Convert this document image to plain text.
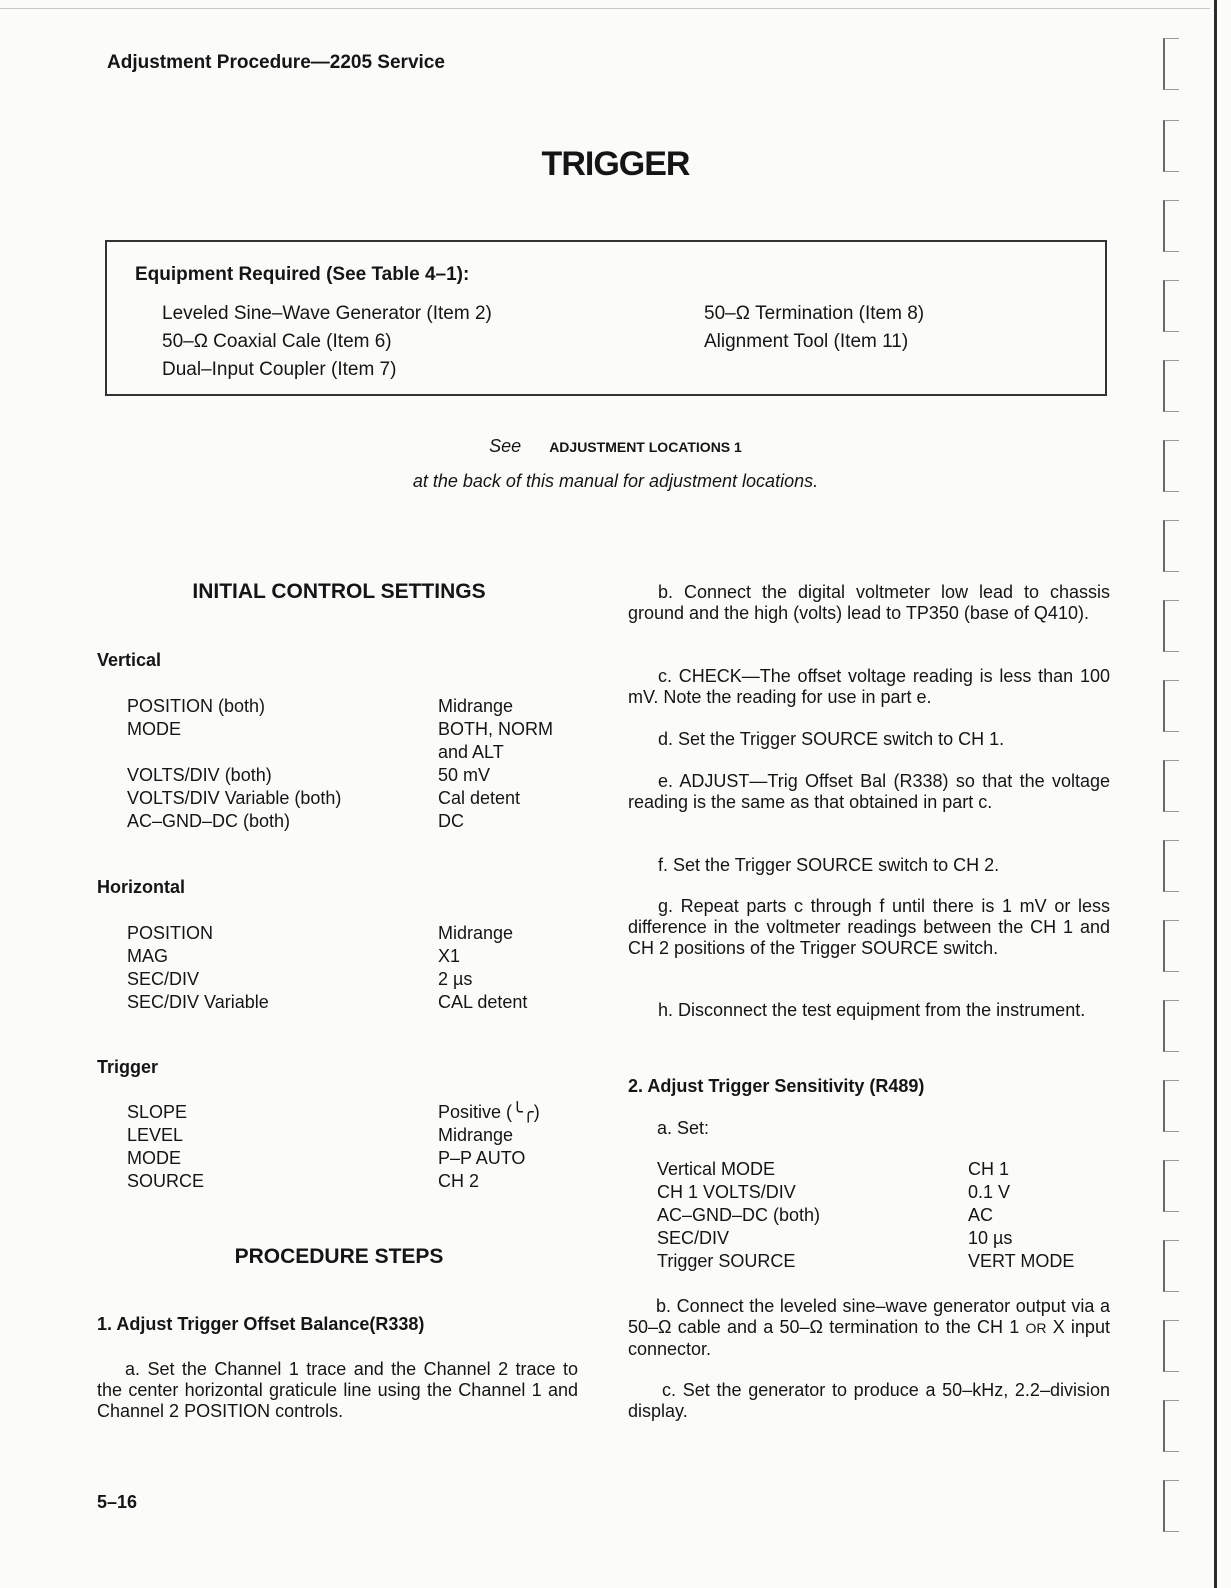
Adjustment Procedure—2205 Service
TRIGGER
Equipment Required (See Table 4–1):
Leveled Sine–Wave Generator (Item 2)
50–Ω Coaxial Cale (Item 6)
Dual–Input Coupler (Item 7)
50–Ω Termination (Item 8)
Alignment Tool (Item 11)
See ADJUSTMENT LOCATIONS 1
at the back of this manual for adjustment locations.
INITIAL CONTROL SETTINGS
Vertical
POSITION (both)	Midrange
MODE	BOTH, NORM and ALT
VOLTS/DIV (both)	50 mV
VOLTS/DIV Variable (both)	Cal detent
AC–GND–DC (both)	DC
Horizontal
POSITION	Midrange
MAG	X1
SEC/DIV	2 µs
SEC/DIV Variable	CAL detent
Trigger
SLOPE	Positive (╰╭)
LEVEL	Midrange
MODE	P–P AUTO
SOURCE	CH 2
PROCEDURE STEPS
1. Adjust Trigger Offset Balance(R338)

a. Set the Channel 1 trace and the Channel 2 trace to the center horizontal graticule line using the Channel 1 and Channel 2 POSITION controls.

b. Connect the digital voltmeter low lead to chassis ground and the high (volts) lead to TP350 (base of Q410).

c. CHECK—The offset voltage reading is less than 100 mV. Note the reading for use in part e.

d. Set the Trigger SOURCE switch to CH 1.

e. ADJUST—Trig Offset Bal (R338) so that the voltage reading is the same as that obtained in part c.

f. Set the Trigger SOURCE switch to CH 2.

g. Repeat parts c through f until there is 1 mV or less difference in the voltmeter readings between the CH 1 and CH 2 positions of the Trigger SOURCE switch.

h. Disconnect the test equipment from the instrument.

2. Adjust Trigger Sensitivity (R489)

a. Set:

Vertical MODE	CH 1
CH 1 VOLTS/DIV	0.1 V
AC–GND–DC (both)	AC
SEC/DIV	10 µs
Trigger SOURCE	VERT MODE

b. Connect the leveled sine–wave generator output via a 50–Ω cable and a 50–Ω termination to the CH 1 OR X input connector.

c. Set the generator to produce a 50–kHz, 2.2–division display.

5–16
